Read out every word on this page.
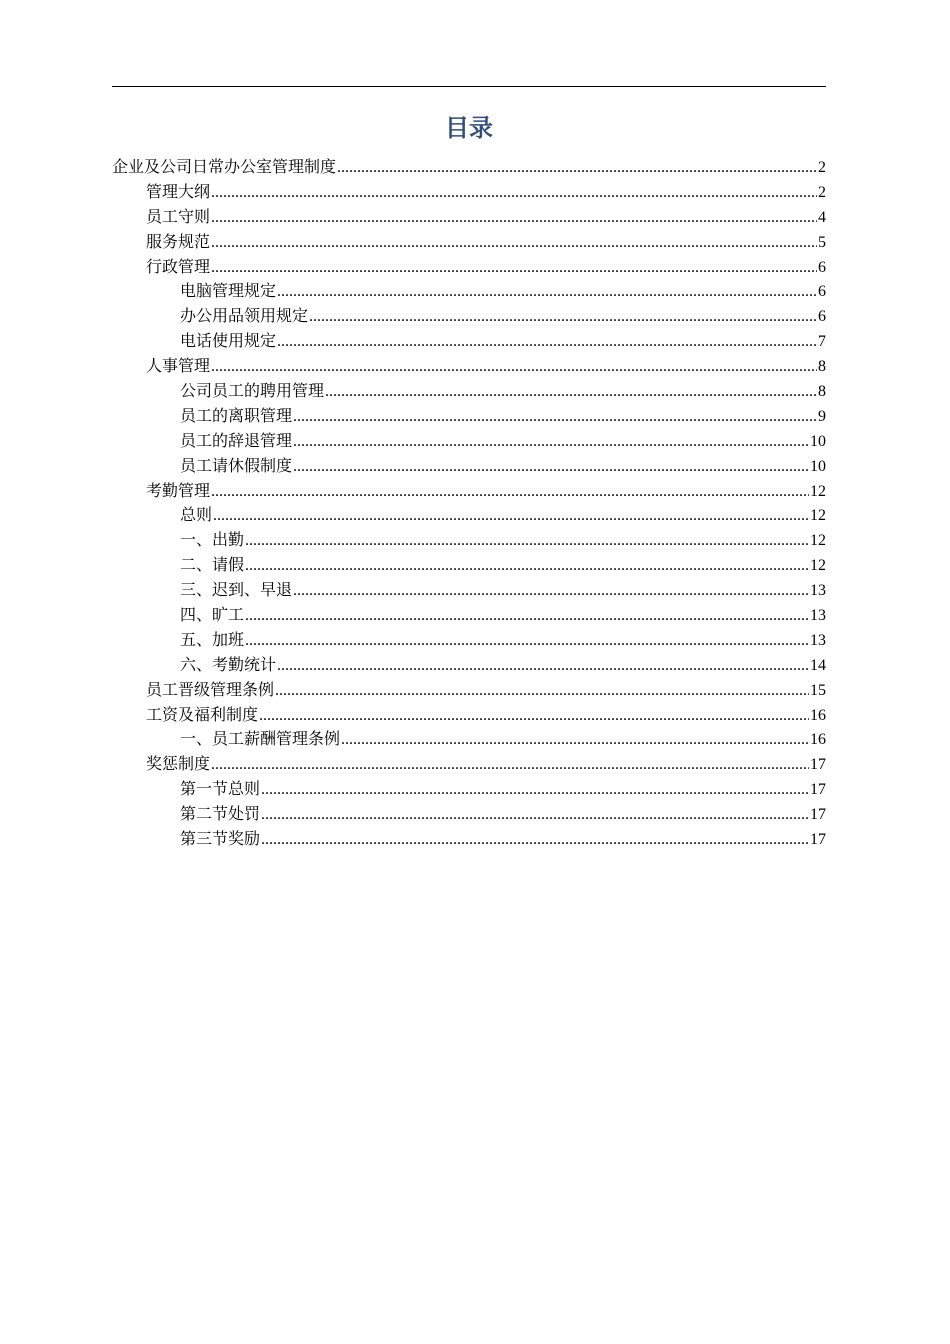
目录
企业及公司日常办公室管理制度 .....	2
管理大纲 .....	2
员工守则 .....	4
服务规范 .....	5
行政管理 .....	6
电脑管理规定 .....	6
办公用品领用规定 .....	6
电话使用规定 .....	7
人事管理 .....	8
公司员工的聘用管理 .....	8
员工的离职管理 .....	9
员工的辞退管理 .....	10
员工请休假制度 .....	10
考勤管理 .....	12
总则 .....	12
一、出勤 .....	12
二、请假 .....	12
三、迟到、早退 .....	13
四、旷工 .....	13
五、加班 .....	13
六、考勤统计 .....	14
员工晋级管理条例 .....	15
工资及福利制度 .....	16
一、员工薪酬管理条例 .....	16
奖惩制度 .....	17
第一节总则 .....	17
第二节处罚 .....	17
第三节奖励 .....	17
